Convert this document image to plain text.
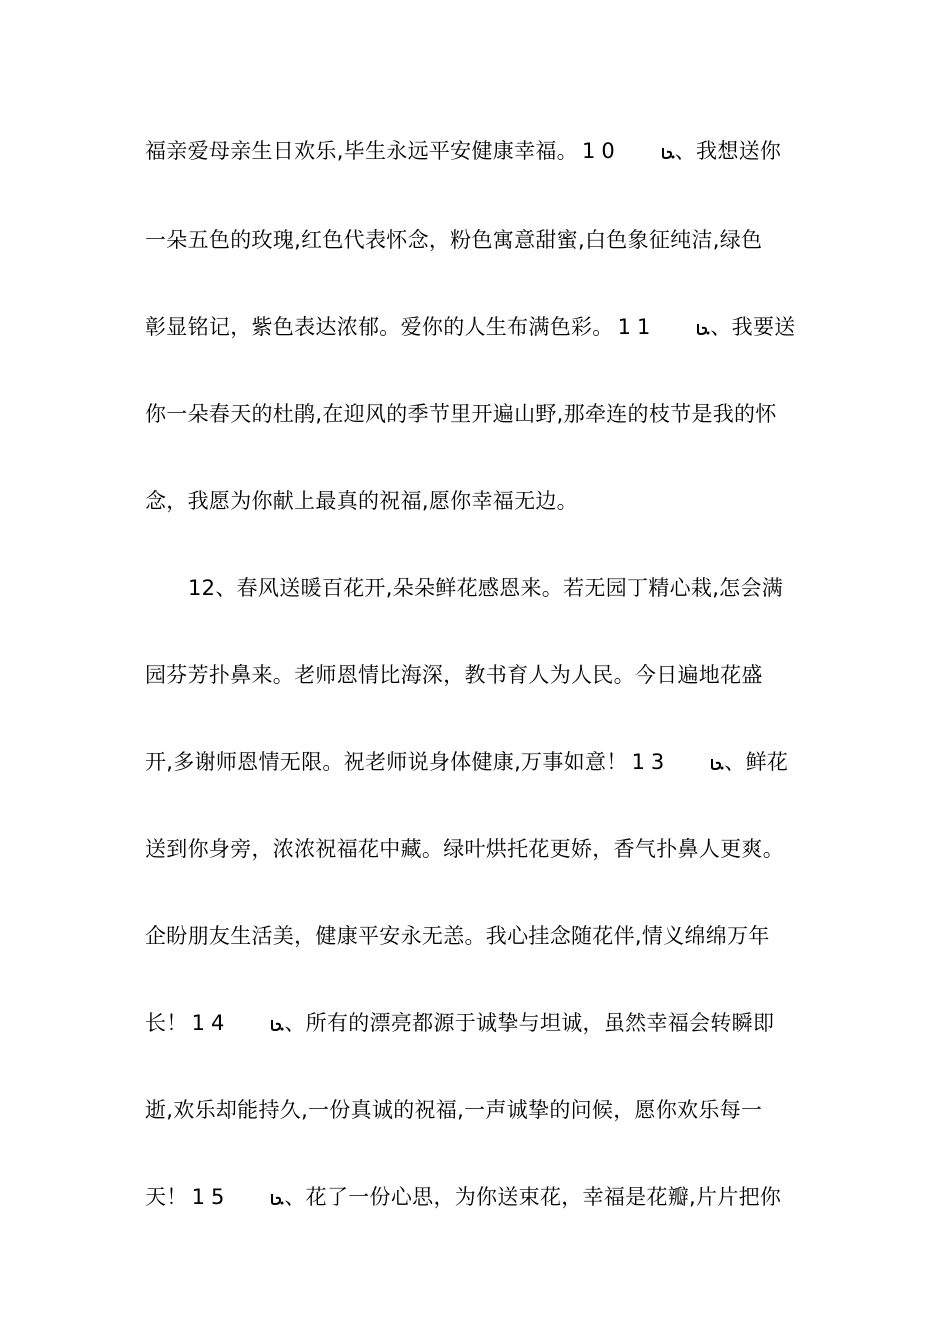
福亲爱母亲生日欢乐,毕生永远平安健康幸福。 10	、我想送你
一朵五色的玫瑰,红色代表怀念，粉色寓意甜蜜,白色象征纯洁,绿色
彰显铭记，紫色表达浓郁。爱你的人生布满色彩。 11	、我要送
你一朵春天的杜鹃,在迎风的季节里开遍山野,那牵连的枝节是我的怀
念，我愿为你献上最真的祝福,愿你幸福无边。
12、春风送暖百花开,朵朵鲜花感恩来。若无园丁精心栽,怎会满
园芬芳扑鼻来。老师恩情比海深，教书育人为人民。今日遍地花盛
开,多谢师恩情无限。祝老师说身体健康,万事如意！ 13	、鲜花
送到你身旁，浓浓祝福花中藏。绿叶烘托花更娇，香气扑鼻人更爽。
企盼朋友生活美，健康平安永无恙。我心挂念随花伴,情义绵绵万年
长！ 14	、所有的漂亮都源于诚挚与坦诚，虽然幸福会转瞬即
逝,欢乐却能持久,一份真诚的祝福,一声诚挚的问候，愿你欢乐每一
天！ 15	、花了一份心思，为你送束花，幸福是花瓣,片片把你
